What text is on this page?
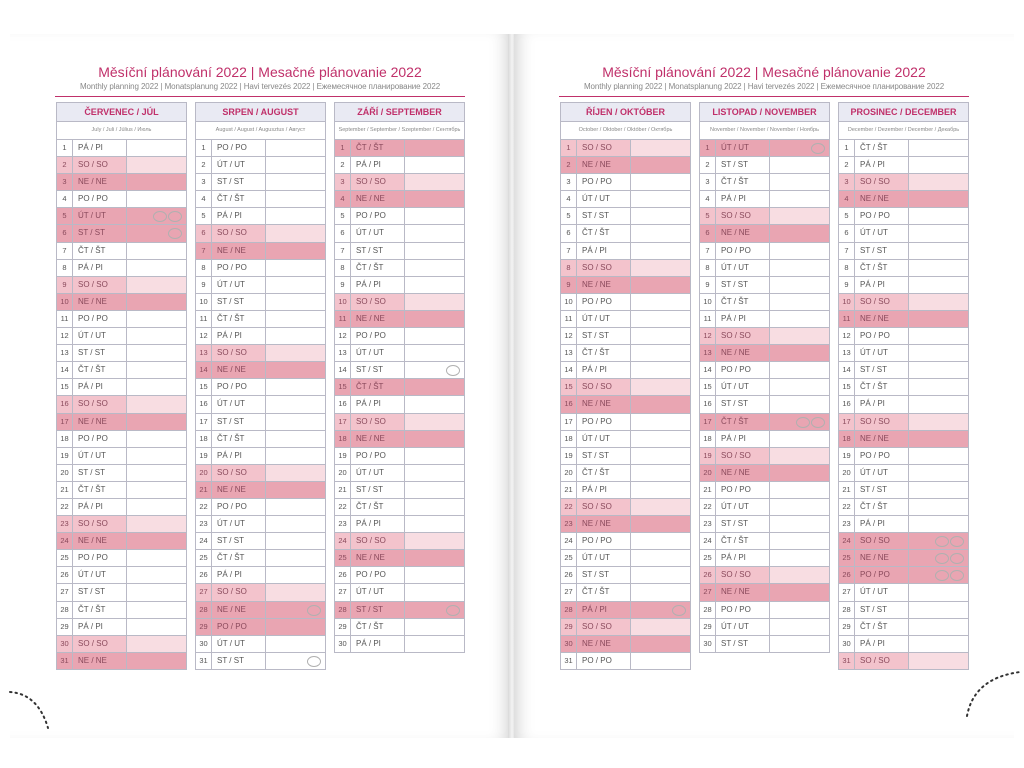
Měsíční plánování 2022 | Mesačné plánovanie 2022
Monthly planning 2022 | Monatsplanung 2022 | Havi tervezés 2022 | Ежемесячное планирование 2022
ČERVENEC / JÚL
July / Juli / Július / Июль
1	PÁ / PI
2	SO / SO
3	NE / NE
4	PO / PO
5	ÚT / UT
6	ST / ST
7	ČT / ŠT
8	PÁ / PI
9	SO / SO
10	NE / NE
11	PO / PO
12	ÚT / UT
13	ST / ST
14	ČT / ŠT
15	PÁ / PI
16	SO / SO
17	NE / NE
18	PO / PO
19	ÚT / UT
20	ST / ST
21	ČT / ŠT
22	PÁ / PI
23	SO / SO
24	NE / NE
25	PO / PO
26	ÚT / UT
27	ST / ST
28	ČT / ŠT
29	PÁ / PI
30	SO / SO
31	NE / NE
SRPEN / AUGUST
August / August / Augusztus / Август
1	PO / PO
2	ÚT / UT
3	ST / ST
4	ČT / ŠT
5	PÁ / PI
6	SO / SO
7	NE / NE
8	PO / PO
9	ÚT / UT
10	ST / ST
11	ČT / ŠT
12	PÁ / PI
13	SO / SO
14	NE / NE
15	PO / PO
16	ÚT / UT
17	ST / ST
18	ČT / ŠT
19	PÁ / PI
20	SO / SO
21	NE / NE
22	PO / PO
23	ÚT / UT
24	ST / ST
25	ČT / ŠT
26	PÁ / PI
27	SO / SO
28	NE / NE
29	PO / PO
30	ÚT / UT
31	ST / ST
ZÁŘÍ / SEPTEMBER
September / September / Szeptember / Сентябрь
1	ČT / ŠT
2	PÁ / PI
3	SO / SO
4	NE / NE
5	PO / PO
6	ÚT / UT
7	ST / ST
8	ČT / ŠT
9	PÁ / PI
10	SO / SO
11	NE / NE
12	PO / PO
13	ÚT / UT
14	ST / ST
15	ČT / ŠT
16	PÁ / PI
17	SO / SO
18	NE / NE
19	PO / PO
20	ÚT / UT
21	ST / ST
22	ČT / ŠT
23	PÁ / PI
24	SO / SO
25	NE / NE
26	PO / PO
27	ÚT / UT
28	ST / ST
29	ČT / ŠT
30	PÁ / PI
Měsíční plánování 2022 | Mesačné plánovanie 2022
Monthly planning 2022 | Monatsplanung 2022 | Havi tervezés 2022 | Ежемесячное планирование 2022
ŘÍJEN / OKTÓBER
October / Oktober / Október / Октябрь
1	SO / SO
2	NE / NE
3	PO / PO
4	ÚT / UT
5	ST / ST
6	ČT / ŠT
7	PÁ / PI
8	SO / SO
9	NE / NE
10	PO / PO
11	ÚT / UT
12	ST / ST
13	ČT / ŠT
14	PÁ / PI
15	SO / SO
16	NE / NE
17	PO / PO
18	ÚT / UT
19	ST / ST
20	ČT / ŠT
21	PÁ / PI
22	SO / SO
23	NE / NE
24	PO / PO
25	ÚT / UT
26	ST / ST
27	ČT / ŠT
28	PÁ / PI
29	SO / SO
30	NE / NE
31	PO / PO
LISTOPAD / NOVEMBER
November / November / November / Ноябрь
1	ÚT / UT
2	ST / ST
3	ČT / ŠT
4	PÁ / PI
5	SO / SO
6	NE / NE
7	PO / PO
8	ÚT / UT
9	ST / ST
10	ČT / ŠT
11	PÁ / PI
12	SO / SO
13	NE / NE
14	PO / PO
15	ÚT / UT
16	ST / ST
17	ČT / ŠT
18	PÁ / PI
19	SO / SO
20	NE / NE
21	PO / PO
22	ÚT / UT
23	ST / ST
24	ČT / ŠT
25	PÁ / PI
26	SO / SO
27	NE / NE
28	PO / PO
29	ÚT / UT
30	ST / ST
PROSINEC / DECEMBER
December / Dezember / December / Декабрь
1	ČT / ŠT
2	PÁ / PI
3	SO / SO
4	NE / NE
5	PO / PO
6	ÚT / UT
7	ST / ST
8	ČT / ŠT
9	PÁ / PI
10	SO / SO
11	NE / NE
12	PO / PO
13	ÚT / UT
14	ST / ST
15	ČT / ŠT
16	PÁ / PI
17	SO / SO
18	NE / NE
19	PO / PO
20	ÚT / UT
21	ST / ST
22	ČT / ŠT
23	PÁ / PI
24	SO / SO
25	NE / NE
26	PO / PO
27	ÚT / UT
28	ST / ST
29	ČT / ŠT
30	PÁ / PI
31	SO / SO
